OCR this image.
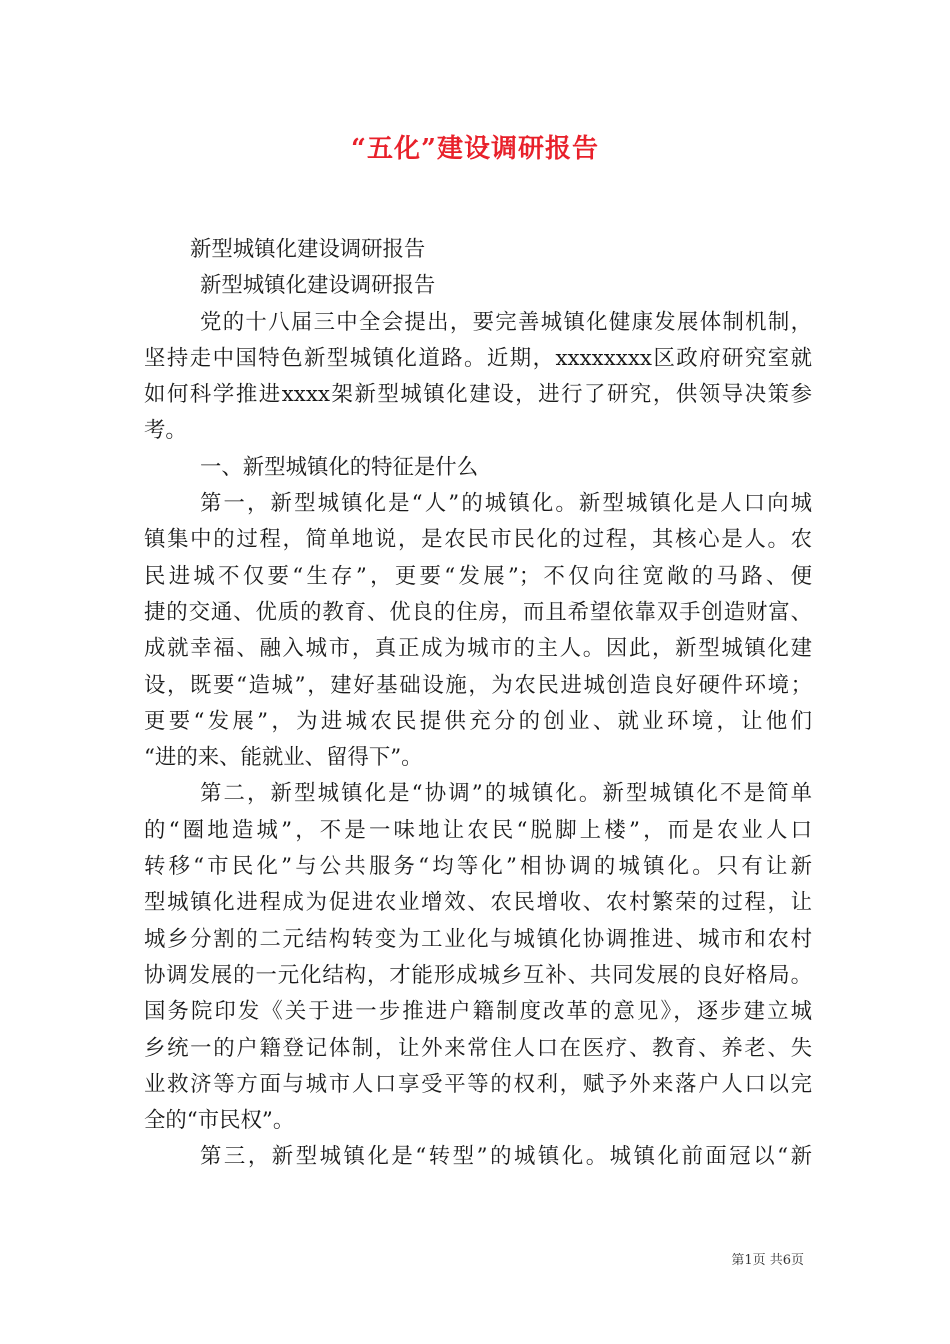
“五化”建设调研报告
新型城镇化建设调研报告
新型城镇化建设调研报告
党的十八届三中全会提出，要完善城镇化健康发展体制机制，
坚持走中国特色新型城镇化道路。近期，xxxxxxxx区政府研究室就
如何科学推进xxxx架新型城镇化建设，进行了研究，供领导决策参
考。
一、新型城镇化的特征是什么
第一，新型城镇化是“人”的城镇化。新型城镇化是人口向城
镇集中的过程，简单地说，是农民市民化的过程，其核心是人。农
民进城不仅要“生存”，更要“发展”；不仅向往宽敞的马路、便
捷的交通、优质的教育、优良的住房，而且希望依靠双手创造财富、
成就幸福、融入城市，真正成为城市的主人。因此，新型城镇化建
设，既要“造城”，建好基础设施，为农民进城创造良好硬件环境；
更要“发展”，为进城农民提供充分的创业、就业环境，让他们
“进的来、能就业、留得下”。
第二，新型城镇化是“协调”的城镇化。新型城镇化不是简单
的“圈地造城”，不是一味地让农民“脱脚上楼”，而是农业人口
转移“市民化”与公共服务“均等化”相协调的城镇化。只有让新
型城镇化进程成为促进农业增效、农民增收、农村繁荣的过程，让
城乡分割的二元结构转变为工业化与城镇化协调推进、城市和农村
协调发展的一元化结构，才能形成城乡互补、共同发展的良好格局。
国务院印发《关于进一步推进户籍制度改革的意见》，逐步建立城
乡统一的户籍登记体制，让外来常住人口在医疗、教育、养老、失
业救济等方面与城市人口享受平等的权利，赋予外来落户人口以完
全的“市民权”。
第三，新型城镇化是“转型”的城镇化。城镇化前面冠以“新
第1页 共6页
